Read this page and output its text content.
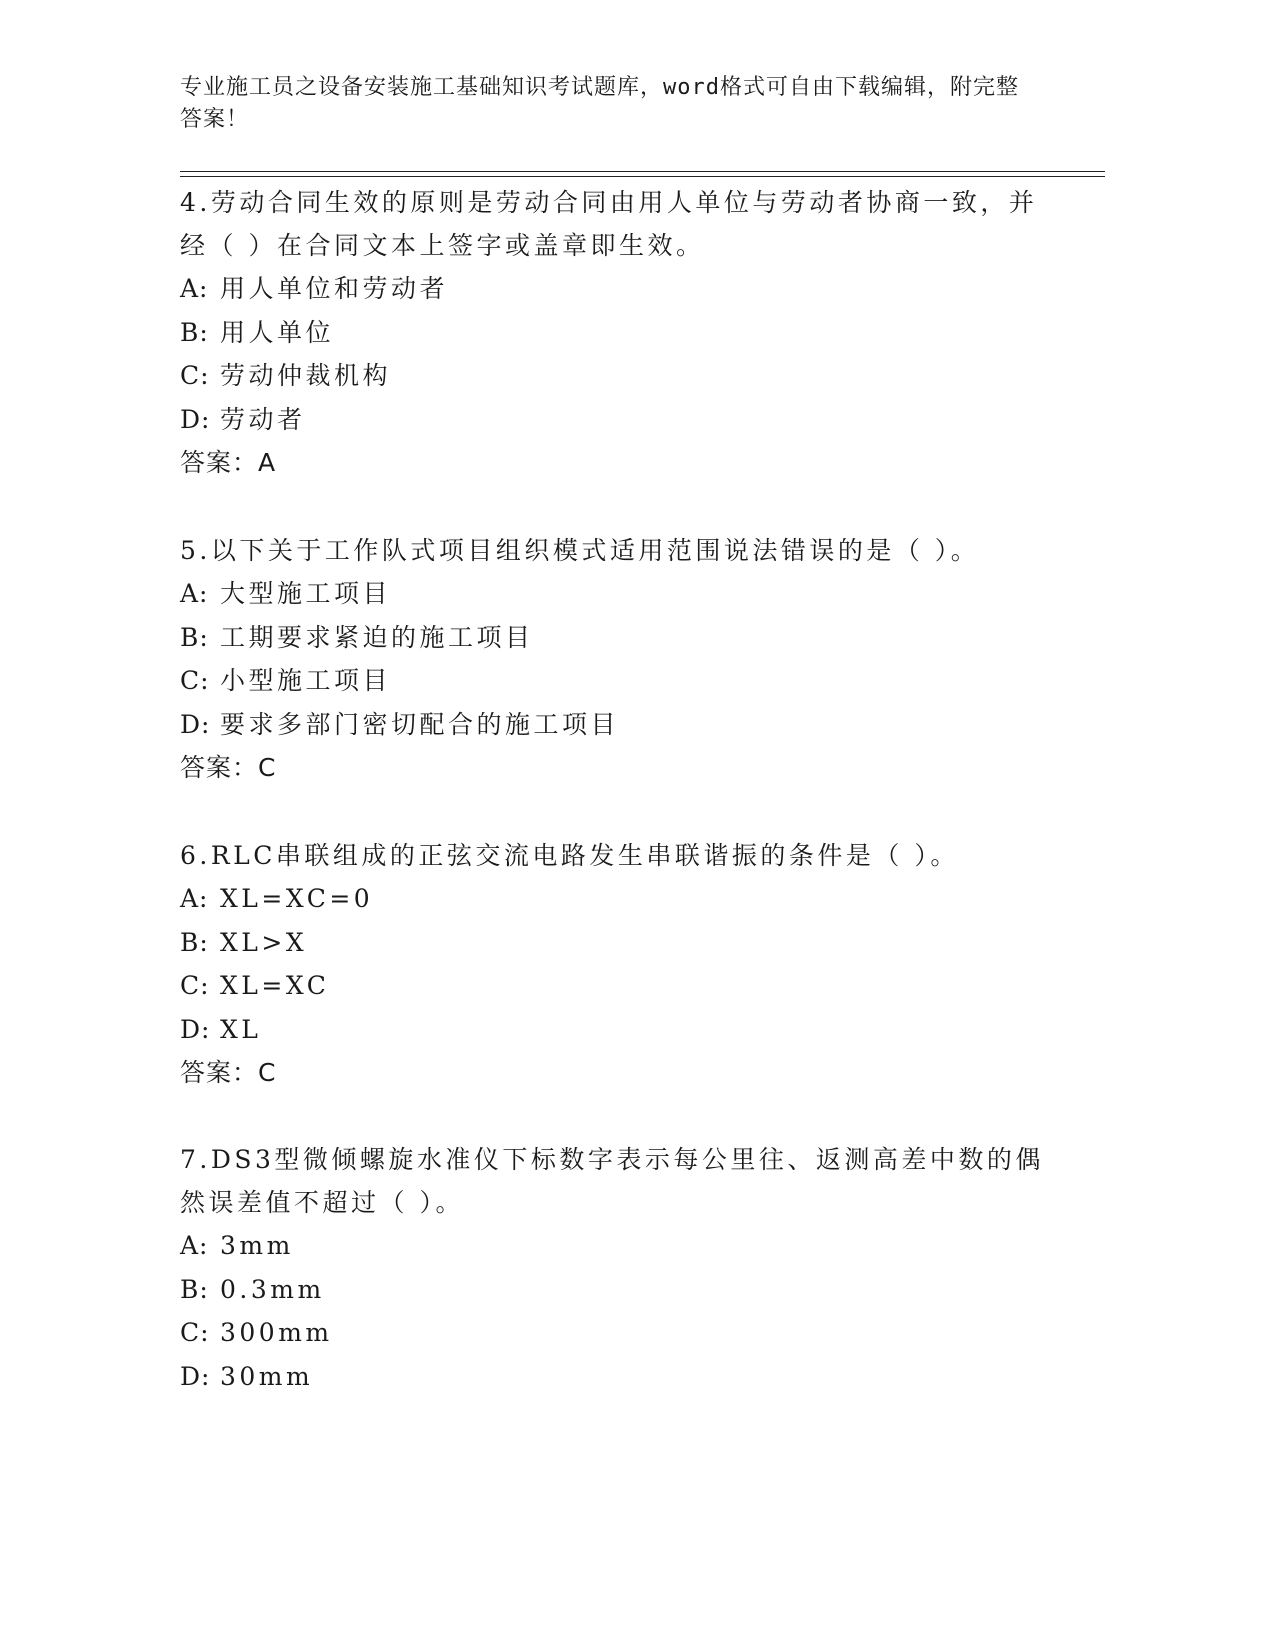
专业施工员之设备安装施工基础知识考试题库，word格式可自由下载编辑，附完整答案！

4.劳动合同生效的原则是劳动合同由用人单位与劳动者协商一致，并经（ ）在合同文本上签字或盖章即生效。

A: 用人单位和劳动者

B: 用人单位

C: 劳动仲裁机构

D: 劳动者

答案：A

5.以下关于工作队式项目组织模式适用范围说法错误的是（ ）。

A: 大型施工项目

B: 工期要求紧迫的施工项目

C: 小型施工项目

D: 要求多部门密切配合的施工项目

答案：C

6.RLC串联组成的正弦交流电路发生串联谐振的条件是（ ）。

A: XL=XC=0

B: XL>X

C: XL=XC

D: XL

答案：C

7.DS3型微倾螺旋水准仪下标数字表示每公里往、返测高差中数的偶然误差值不超过（ ）。

A: 3mm

B: 0.3mm

C: 300mm

D: 30mm
